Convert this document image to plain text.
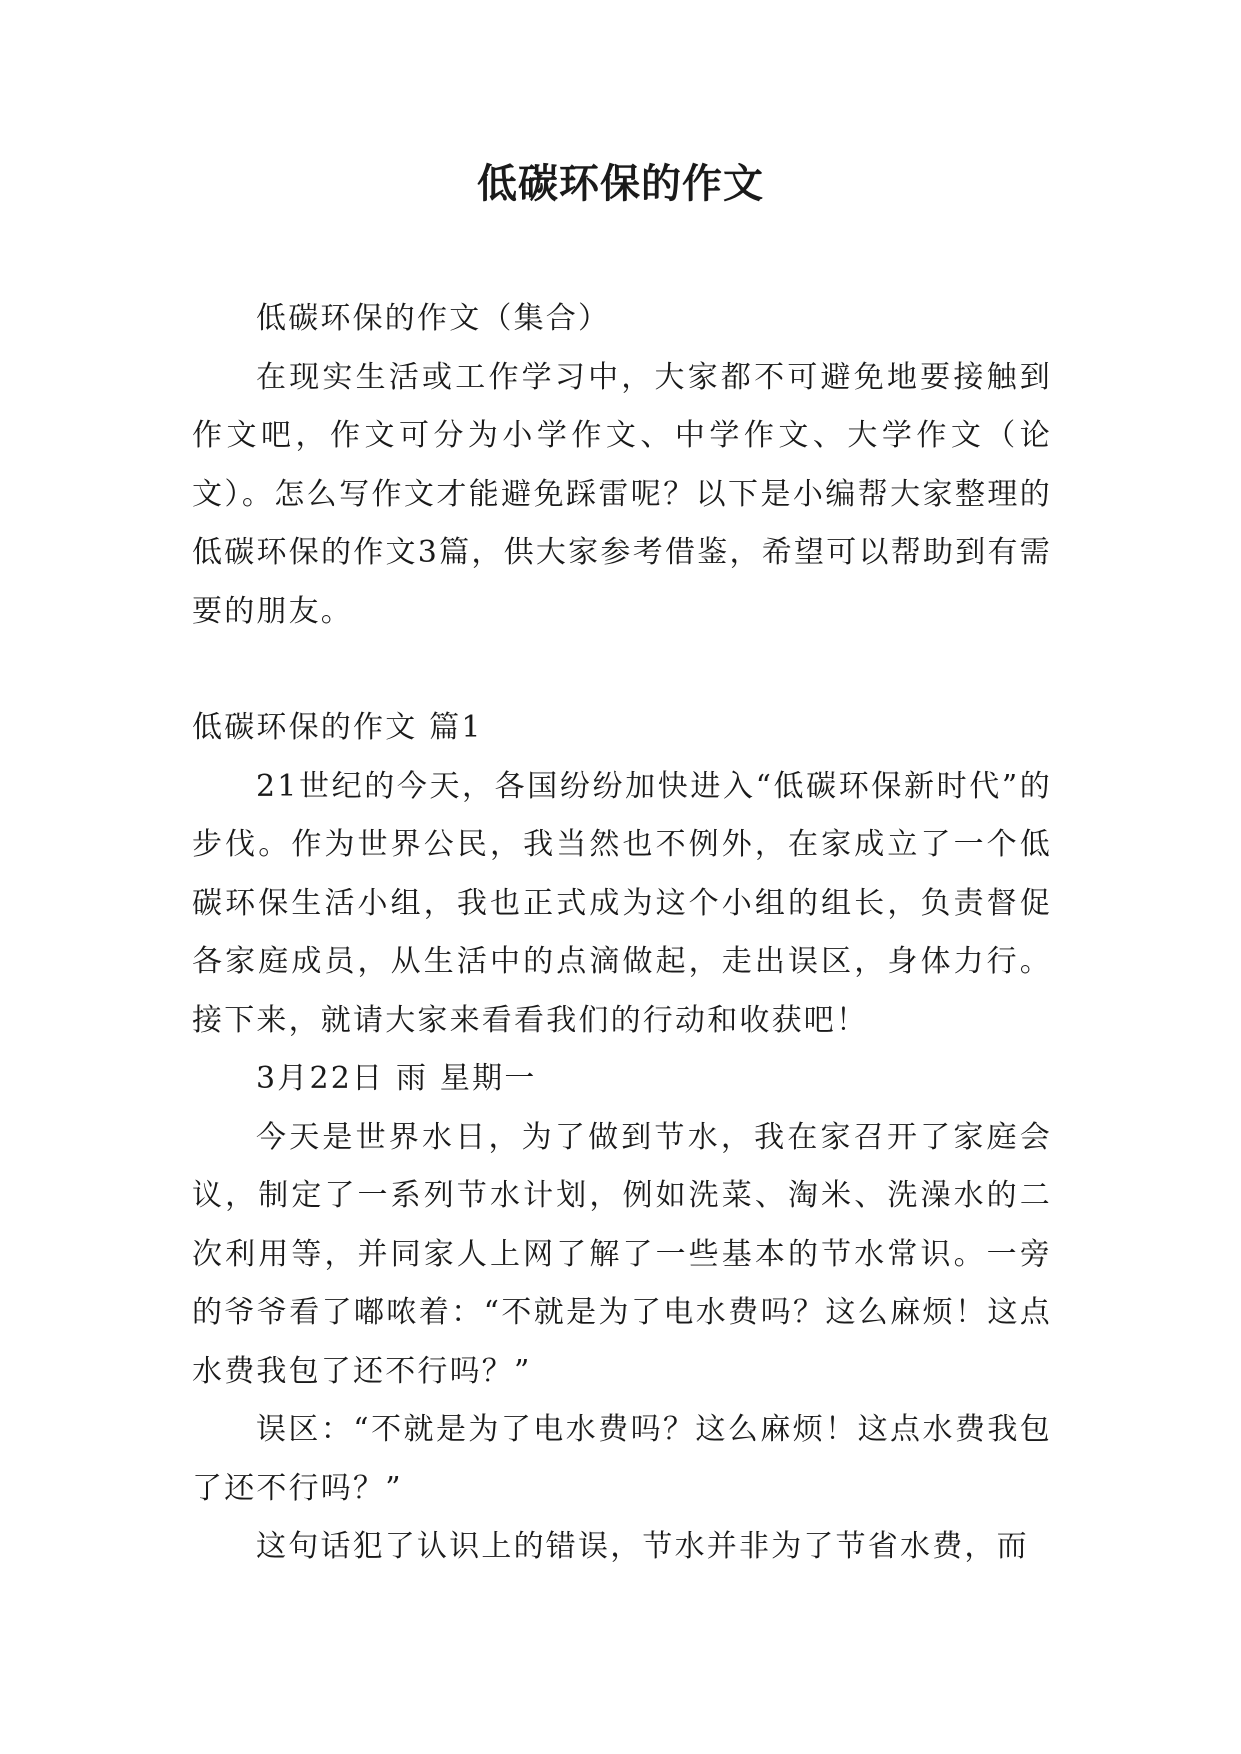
低碳环保的作文

低碳环保的作文（集合）

在现实生活或工作学习中，大家都不可避免地要接触到作文吧，作文可分为小学作文、中学作文、大学作文（论文）。怎么写作文才能避免踩雷呢？以下是小编帮大家整理的低碳环保的作文3篇，供大家参考借鉴，希望可以帮助到有需要的朋友。

低碳环保的作文 篇1

21世纪的今天，各国纷纷加快进入“低碳环保新时代”的步伐。作为世界公民，我当然也不例外，在家成立了一个低碳环保生活小组，我也正式成为这个小组的组长，负责督促各家庭成员，从生活中的点滴做起，走出误区，身体力行。接下来，就请大家来看看我们的行动和收获吧！

3月22日 雨 星期一

今天是世界水日，为了做到节水，我在家召开了家庭会议，制定了一系列节水计划，例如洗菜、淘米、洗澡水的二次利用等，并同家人上网了解了一些基本的节水常识。一旁的爷爷看了嘟哝着：“不就是为了电水费吗？这么麻烦！这点水费我包了还不行吗？”

误区：“不就是为了电水费吗？这么麻烦！这点水费我包了还不行吗？”

这句话犯了认识上的错误，节水并非为了节省水费，而
